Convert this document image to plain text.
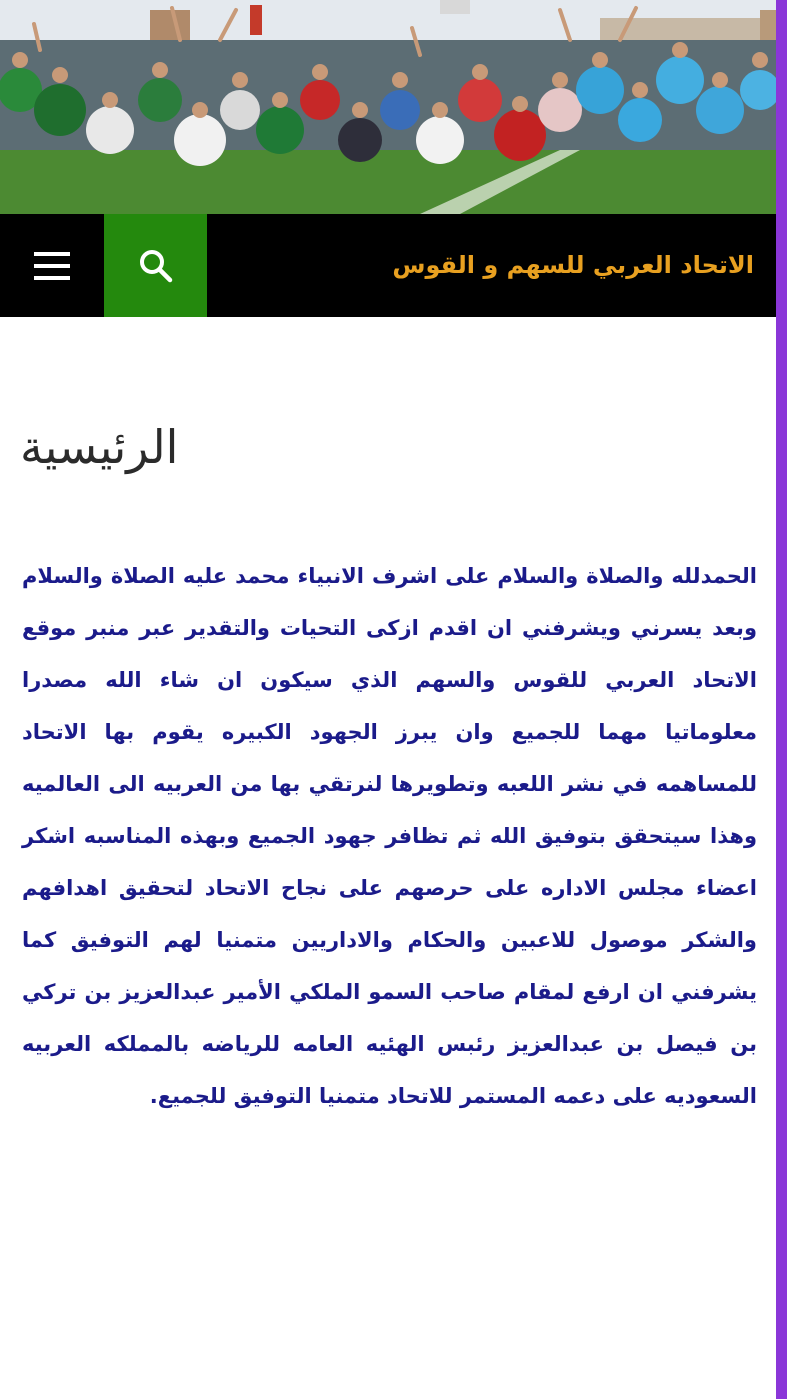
الاتحاد العربي للسهم و القوس
الرئيسية

الحمدلله والصلاة والسلام على اشرف الانبياء محمد عليه الصلاة والسلام وبعد يسرني ويشرفني ان اقدم ازكى التحيات والتقدير عبر منبر موقع الاتحاد العربي للقوس والسهم الذي سيكون ان شاء الله مصدرا معلوماتيا مهما للجميع وان يبرز الجهود الكبيره يقوم بها الاتحاد للمساهمه في نشر اللعبه وتطويرها لنرتقي بها من العربيه الى العالميه وهذا سيتحقق بتوفيق الله ثم تظافر جهود الجميع وبهذه المناسبه اشكر اعضاء مجلس الاداره على حرصهم على نجاح الاتحاد لتحقيق اهدافهم والشكر موصول للاعبين والحكام والاداريين متمنيا لهم التوفيق كما يشرفني ان ارفع لمقام صاحب السمو الملكي الأمير عبدالعزيز بن تركي بن فيصل بن عبدالعزيز رئبس الهئيه العامه للرياضه بالمملكه العربيه السعوديه على دعمه المستمر للاتحاد متمنيا التوفيق للجميع.
